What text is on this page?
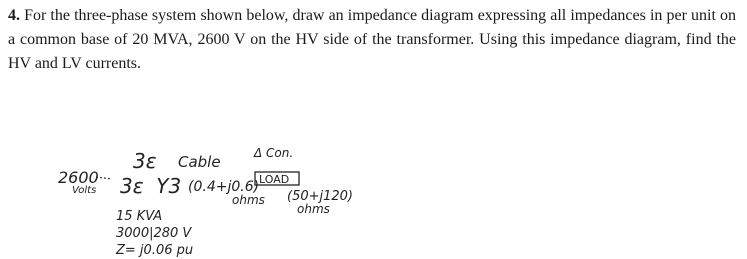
4. For the three-phase system shown below, draw an impedance diagram expressing all impedances in per unit on a common base of 20 MVA, 2600 V on the HV side of the transformer. Using this impedance diagram, find the HV and LV currents.
2600
Volts
3ε
3ε  Y3
Cable
(0.4+j0.6)
ohms
Δ Con.
LOAD
(50+j120)
ohms
15 KVA
3000|280 V
Z= j0.06 pu
